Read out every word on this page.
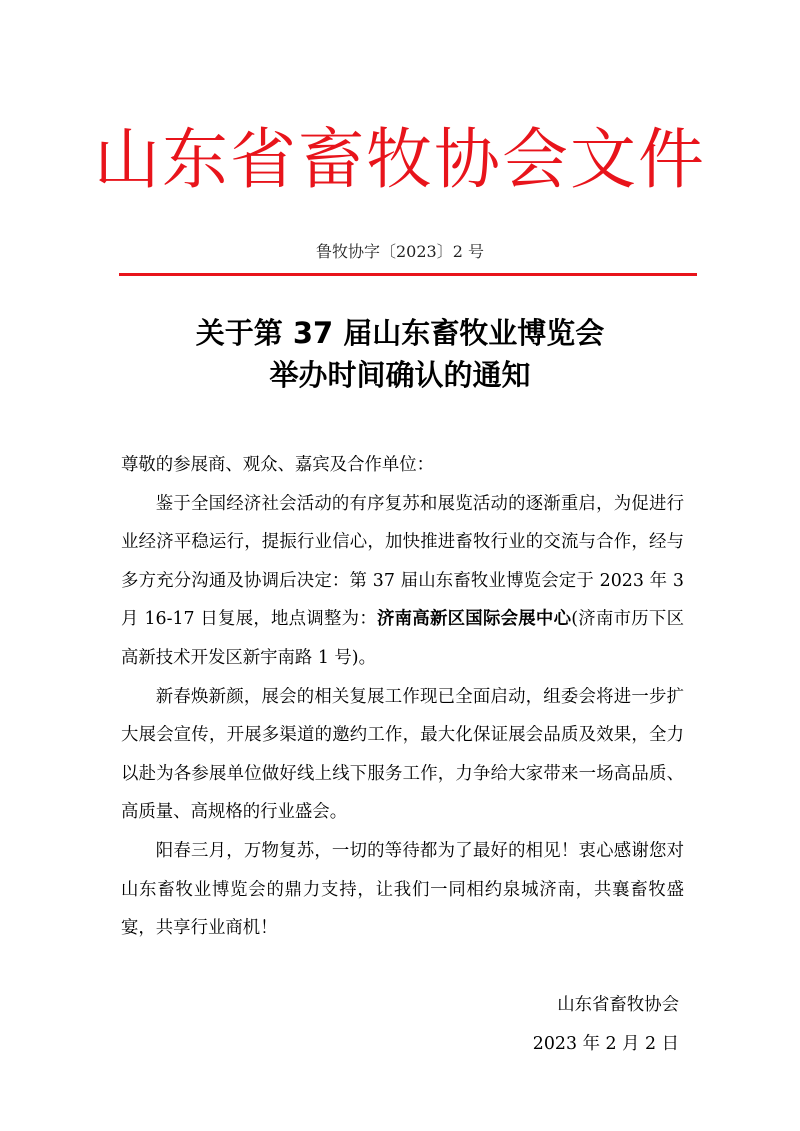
山东省畜牧协会文件
鲁牧协字〔2023〕2 号
关于第 37 届山东畜牧业博览会
举办时间确认的通知

尊敬的参展商、观众、嘉宾及合作单位：

鉴于全国经济社会活动的有序复苏和展览活动的逐渐重启，为促进行业经济平稳运行，提振行业信心，加快推进畜牧行业的交流与合作，经与多方充分沟通及协调后决定：第 37 届山东畜牧业博览会定于 2023 年 3 月 16-17 日复展，地点调整为：济南高新区国际会展中心(济南市历下区高新技术开发区新宇南路 1 号)。

新春焕新颜，展会的相关复展工作现已全面启动，组委会将进一步扩大展会宣传，开展多渠道的邀约工作，最大化保证展会品质及效果，全力以赴为各参展单位做好线上线下服务工作，力争给大家带来一场高品质、高质量、高规格的行业盛会。

阳春三月，万物复苏，一切的等待都为了最好的相见！衷心感谢您对山东畜牧业博览会的鼎力支持，让我们一同相约泉城济南，共襄畜牧盛宴，共享行业商机！

山东省畜牧协会
2023 年 2 月 2 日
